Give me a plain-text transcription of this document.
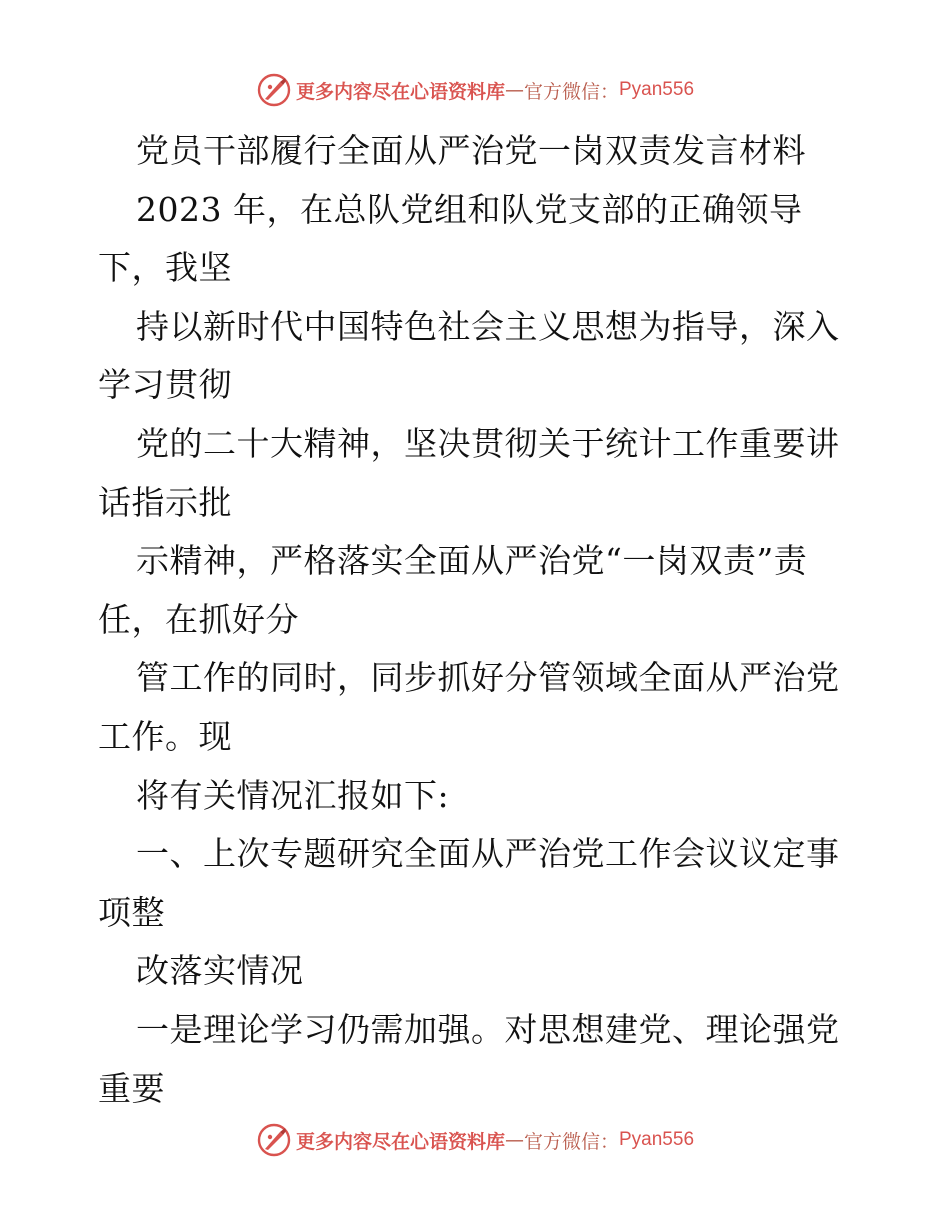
更多内容尽在心语资料库 — 官方微信： Pyan556
党员干部履行全面从严治党一岗双责发言材料
2023 年，在总队党组和队党支部的正确领导
下，我坚
持以新时代中国特色社会主义思想为指导，深入
学习贯彻
党的二十大精神，坚决贯彻关于统计工作重要讲
话指示批
示精神，严格落实全面从严治党“一岗双责”责
任，在抓好分
管工作的同时，同步抓好分管领域全面从严治党
工作。现
将有关情况汇报如下:
一、上次专题研究全面从严治党工作会议议定事
项整
改落实情况
一是理论学习仍需加强。对思想建党、理论强党
重要
更多内容尽在心语资料库 — 官方微信： Pyan556
